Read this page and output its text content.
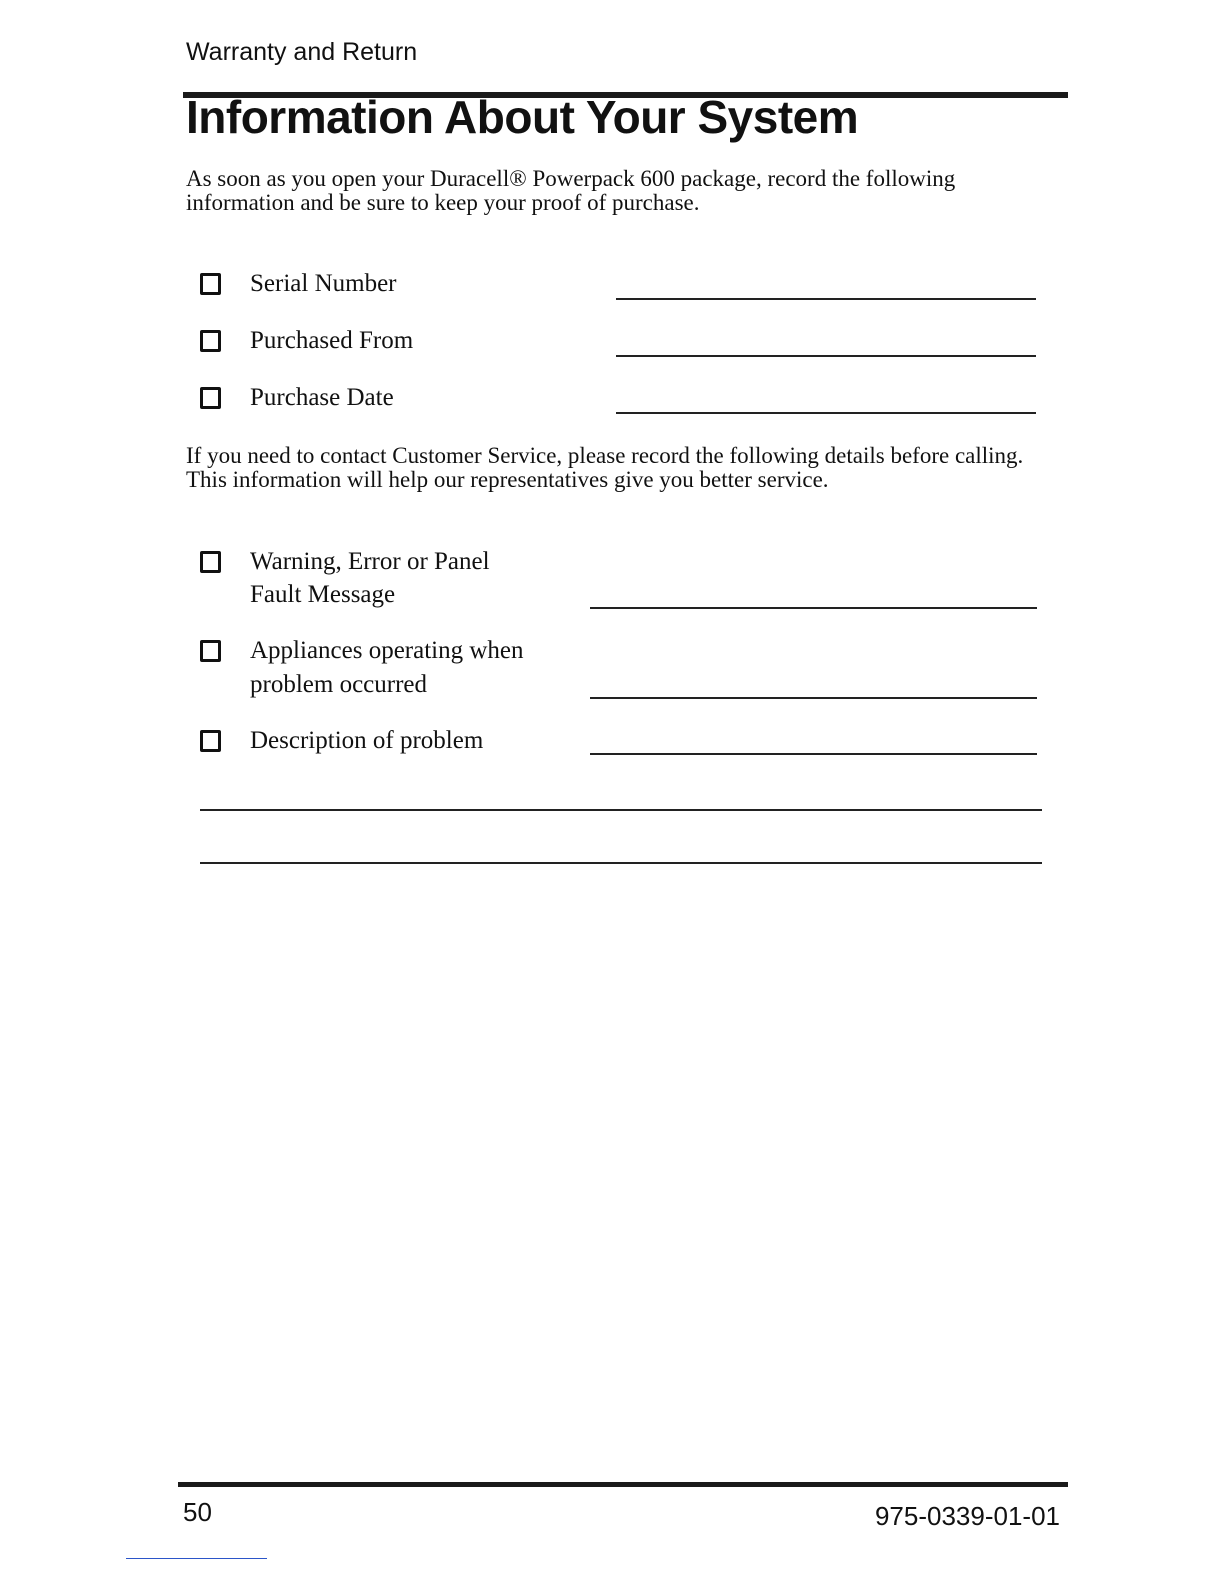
Warranty and Return
Information About Your System
As soon as you open your Duracell® Powerpack 600 package, record the following information and be sure to keep your proof of purchase.
Serial Number
Purchased From
Purchase Date
If you need to contact Customer Service, please record the following details before calling. This information will help our representatives give you better service.
Warning, Error or Panel
Fault Message
Appliances operating when
problem occurred
Description of problem
50	975-0339-01-01
